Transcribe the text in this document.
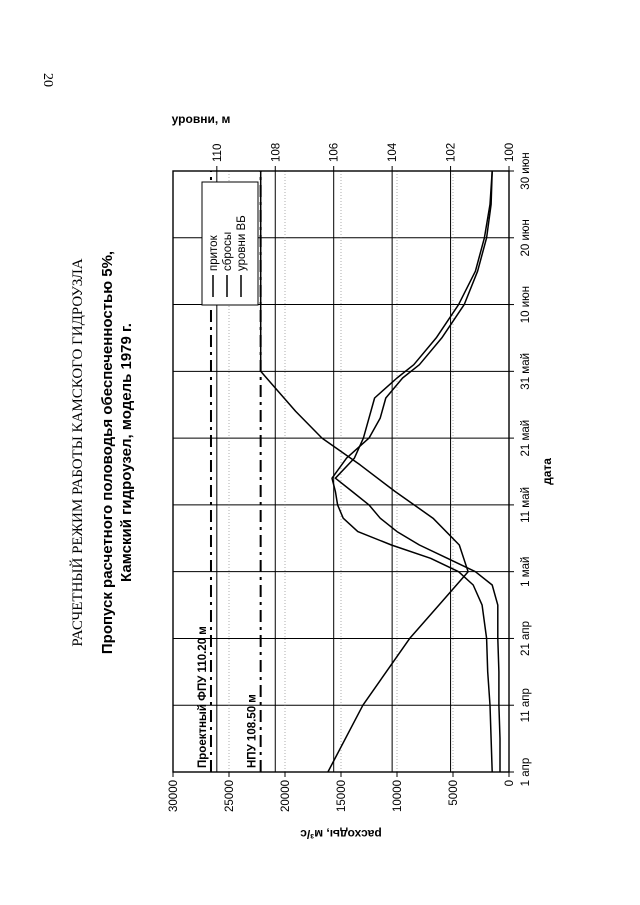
20
РАСЧЕТНЫЙ РЕЖИМ РАБОТЫ КАМСКОГО ГИДРОУЗЛА Пропуск расчетного половодья обеспеченностью 5%, Камский гидроузел, модель 1979 г.
1 апр
11 апр
21 апр
1 май
11 май
21 май
31 май
10 июн
20 июн
30 июн
0
5000
10000
15000
20000
25000
30000
100
102
104
106
108
110
Проектный ФПУ 110.20 м	НПУ 108.50 м
приток сбросы уровни ВБ
дата
расходы, м³/с
уровни, м
